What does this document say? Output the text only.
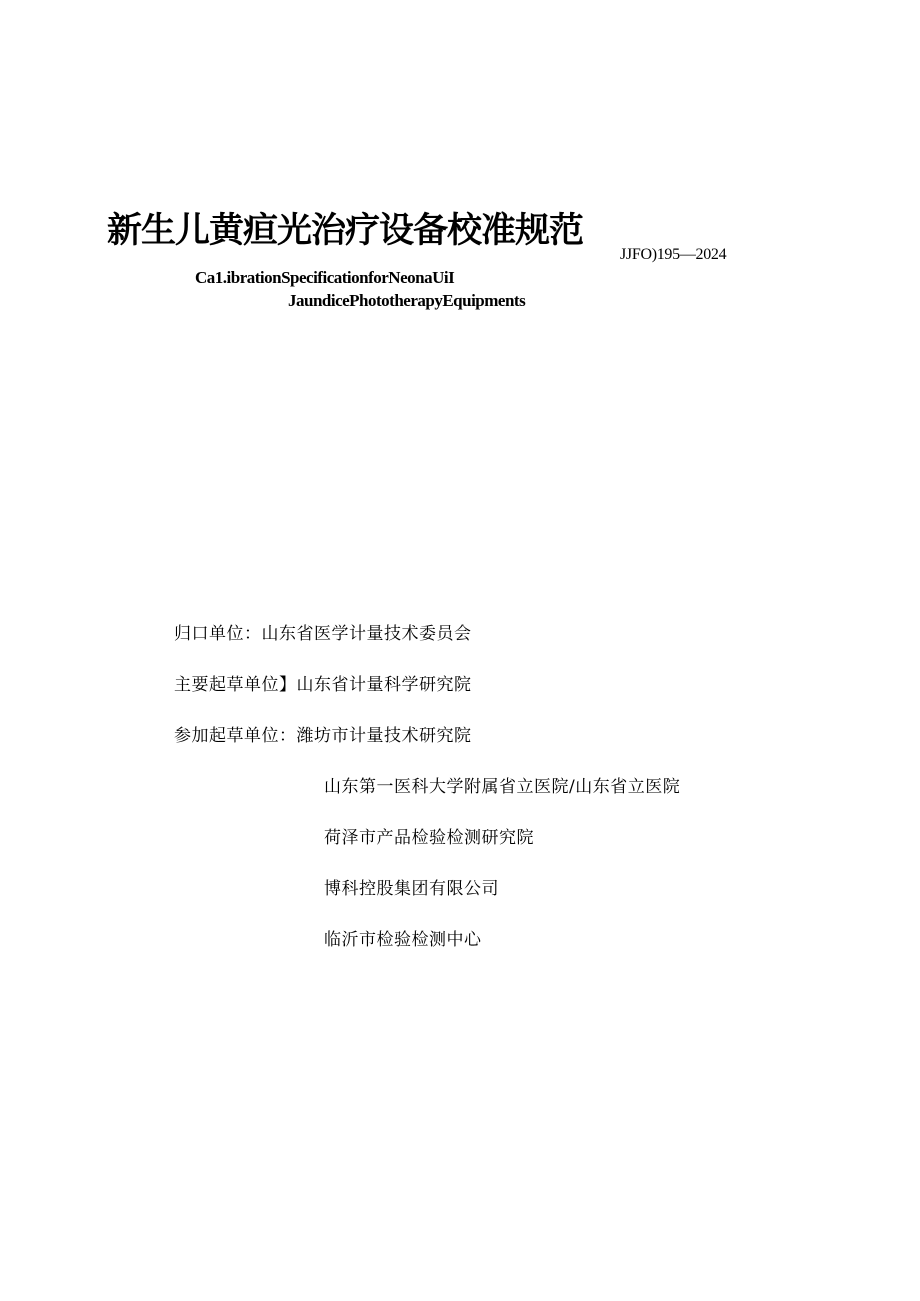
新生儿黄疸光治疗设备校准规范
JJFO)195—2024
Ca1.ibrationSpecificationforNeonaUiI
JaundicePhototherapyEquipments
归口单位：山东省医学计量技术委员会
主要起草单位】山东省计量科学研究院
参加起草单位：潍坊市计量技术研究院
山东第一医科大学附属省立医院/山东省立医院
荷泽市产品检验检测研究院
博科控股集团有限公司
临沂市检验检测中心
